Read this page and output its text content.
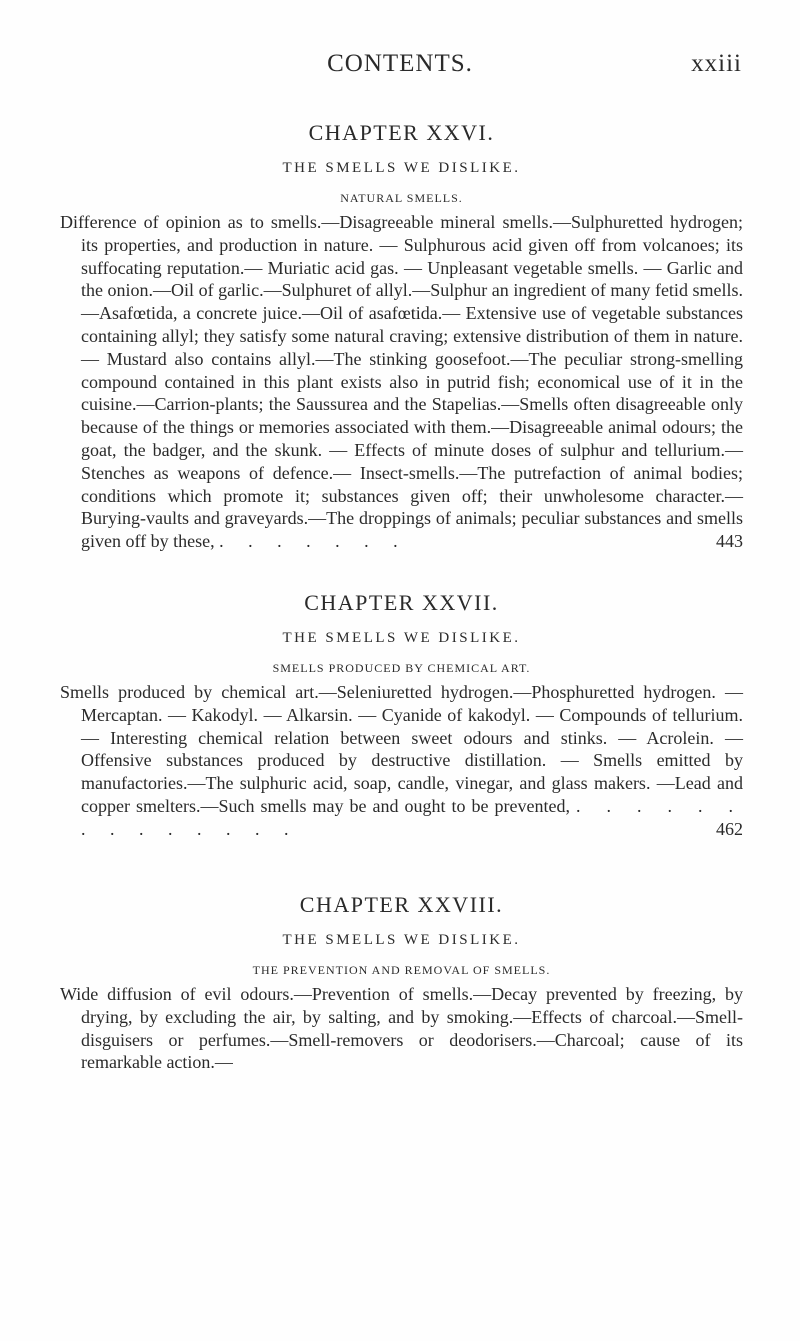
CONTENTS.	xxiii
CHAPTER XXVI.
THE SMELLS WE DISLIKE.
NATURAL SMELLS.

Difference of opinion as to smells.—Disagreeable mineral smells.—Sulphuretted hydrogen; its properties, and production in nature. — Sulphurous acid given off from volcanoes; its suffocating reputation.— Muriatic acid gas. — Unpleasant vegetable smells. — Garlic and the onion.—Oil of garlic.—Sulphuret of allyl.—Sulphur an ingredient of many fetid smells.—Asafœtida, a concrete juice.—Oil of asafœtida.— Extensive use of vegetable substances containing allyl; they satisfy some natural craving; extensive distribution of them in nature. — Mustard also contains allyl.—The stinking goosefoot.—The peculiar strong-smelling compound contained in this plant exists also in putrid fish; economical use of it in the cuisine.—Carrion-plants; the Saussurea and the Stapelias.—Smells often disagreeable only because of the things or memories associated with them.—Disagreeable animal odours; the goat, the badger, and the skunk. — Effects of minute doses of sulphur and tellurium.—Stenches as weapons of defence.— Insect-smells.—The putrefaction of animal bodies; conditions which promote it; substances given off; their unwholesome character.— Burying-vaults and graveyards.—The droppings of animals; peculiar substances and smells given off by these, . . . . . . .	443

CHAPTER XXVII.
THE SMELLS WE DISLIKE.
SMELLS PRODUCED BY CHEMICAL ART.

Smells produced by chemical art.—Seleniuretted hydrogen.—Phosphuretted hydrogen. — Mercaptan. — Kakodyl. — Alkarsin. — Cyanide of kakodyl. — Compounds of tellurium. — Interesting chemical relation between sweet odours and stinks. — Acrolein. — Offensive substances produced by destructive distillation. — Smells emitted by manufactories.—The sulphuric acid, soap, candle, vinegar, and glass makers. —Lead and copper smelters.—Such smells may be and ought to be prevented, . . . . . . . . . . . . . .	462

CHAPTER XXVIII.
THE SMELLS WE DISLIKE.
THE PREVENTION AND REMOVAL OF SMELLS.

Wide diffusion of evil odours.—Prevention of smells.—Decay prevented by freezing, by drying, by excluding the air, by salting, and by smoking.—Effects of charcoal.—Smell-disguisers or perfumes.—Smell-removers or deodorisers.—Charcoal; cause of its remarkable action.—
